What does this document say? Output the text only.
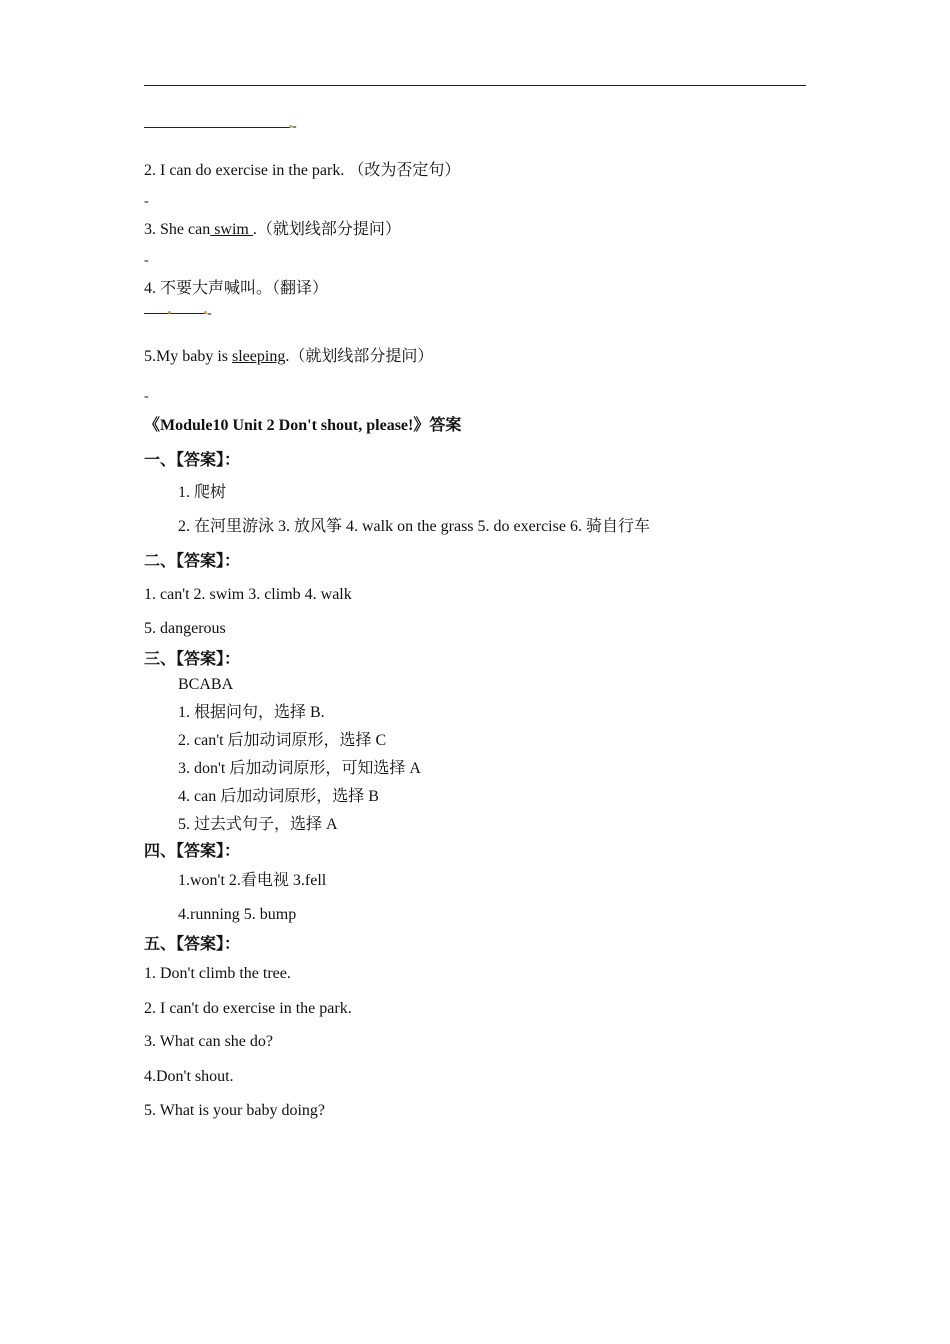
-
2. I can do exercise in the park. （改为否定句）
-
3. She can swim .（就划线部分提问）
-
4. 不要大声喊叫。（翻译）
-
5.My baby is sleeping.（就划线部分提问）
-
《Module10 Unit 2 Don't shout, please!》答案
一、【答案】：
1. 爬树
2. 在河里游泳 3. 放风筝 4. walk on the grass 5. do exercise 6. 骑自行车
二、【答案】：
1. can't 2. swim 3. climb 4. walk
5. dangerous
三、【答案】：
BCABA
1. 根据问句，选择 B.
2. can't 后加动词原形，选择 C
3. don't 后加动词原形，可知选择 A
4. can 后加动词原形，选择 B
5. 过去式句子，选择 A
四、【答案】：
1.won't 2.看电视 3.fell
4.running 5. bump
五、【答案】：
1. Don't climb the tree.
2. I can't do exercise in the park.
3. What can she do?
4.Don't shout.
5. What is your baby doing?
